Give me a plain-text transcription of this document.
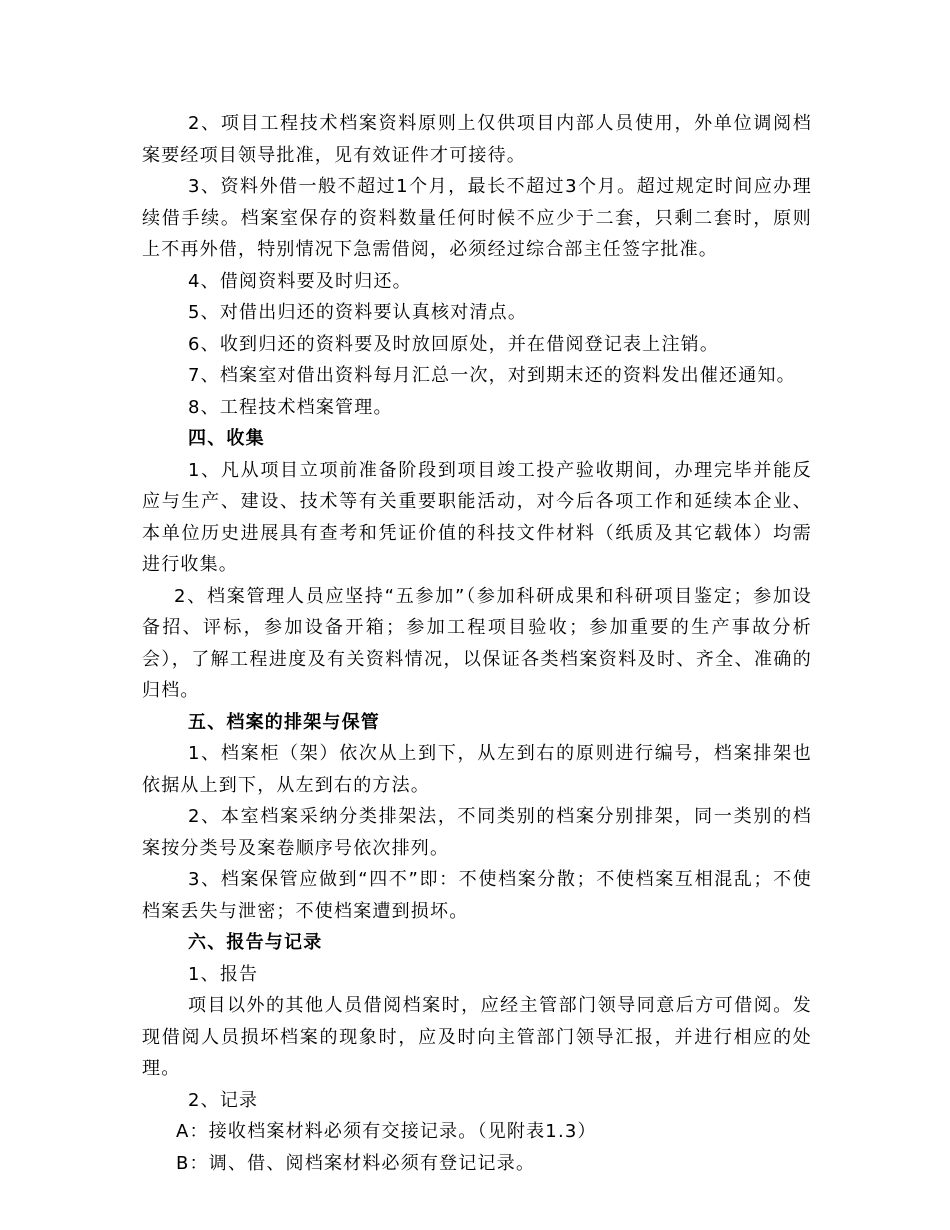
2、项目工程技术档案资料原则上仅供项目内部人员使用，外单位调阅档案要经项目领导批准，见有效证件才可接待。

3、资料外借一般不超过1个月，最长不超过3个月。超过规定时间应办理续借手续。档案室保存的资料数量任何时候不应少于二套，只剩二套时，原则上不再外借，特别情况下急需借阅，必须经过综合部主任签字批准。

4、借阅资料要及时归还。

5、对借出归还的资料要认真核对清点。

6、收到归还的资料要及时放回原处，并在借阅登记表上注销。

7、档案室对借出资料每月汇总一次，对到期末还的资料发出催还通知。

8、工程技术档案管理。

四、收集

1、凡从项目立项前准备阶段到项目竣工投产验收期间，办理完毕并能反应与生产、建设、技术等有关重要职能活动，对今后各项工作和延续本企业、本单位历史进展具有查考和凭证价值的科技文件材料（纸质及其它载体）均需进行收集。

2、档案管理人员应坚持“五参加”（参加科研成果和科研项目鉴定；参加设备招、评标，参加设备开箱；参加工程项目验收；参加重要的生产事故分析会），了解工程进度及有关资料情况，以保证各类档案资料及时、齐全、准确的归档。

五、档案的排架与保管

1、档案柜（架）依次从上到下，从左到右的原则进行编号，档案排架也依据从上到下，从左到右的方法。

2、本室档案采纳分类排架法，不同类别的档案分别排架，同一类别的档案按分类号及案卷顺序号依次排列。

3、档案保管应做到“四不”即：不使档案分散；不使档案互相混乱；不使档案丢失与泄密；不使档案遭到损坏。

六、报告与记录

1、报告

项目以外的其他人员借阅档案时，应经主管部门领导同意后方可借阅。发现借阅人员损坏档案的现象时，应及时向主管部门领导汇报，并进行相应的处理。

2、记录

A：接收档案材料必须有交接记录。（见附表1.3）

B：调、借、阅档案材料必须有登记记录。
